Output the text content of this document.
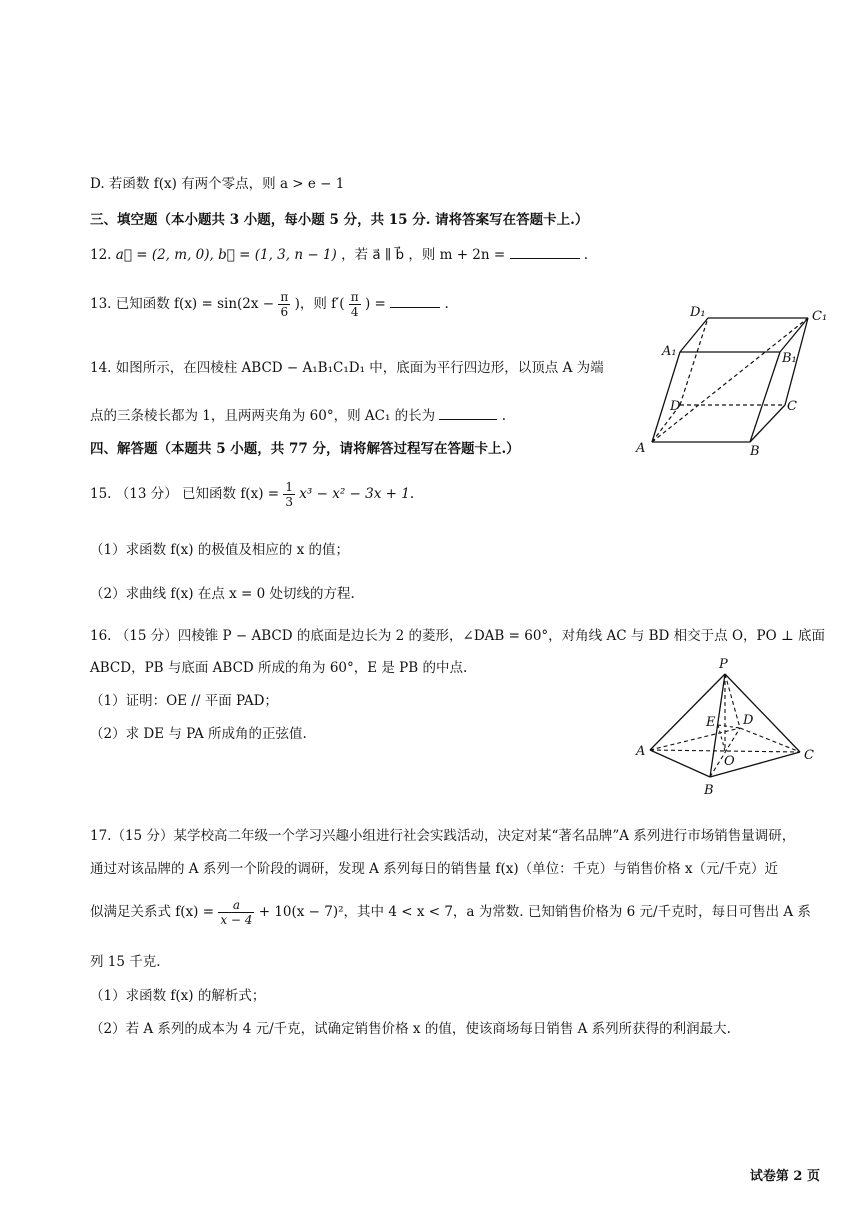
D. 若函数 f(x) 有两个零点，则 a > e − 1
三、填空题（本小题共 3 小题，每小题 5 分，共 15 分. 请将答案写在答题卡上.）
12. a⃗ = (2, m, 0), b⃗ = (1, 3, n − 1) ，若 a⃗ ∥ b⃗ ，则 m + 2n =	.
13. 已知函数 $f(x) = \sin(2x - \frac{\pi}{6}$ )，则 $f'( \frac{\pi}{4}$ ) =	.
14. 如图所示，在四棱柱 ABCD − A₁B₁C₁D₁ 中，底面为平行四边形，以顶点 A 为端
点的三条棱长都为 1，且两两夹角为 60°，则 AC₁ 的长为	.
D₁	C₁
A₁	B₁
D	C
A	B
四、解答题（本题共 5 小题，共 77 分，请将解答过程写在答题卡上.）
15. （13 分） 已知函数 $f(x) = \frac{1}{3} x^3 - x^2 - 3x + 1$.
（1）求函数 f(x) 的极值及相应的 x 的值；
（2）求曲线 f(x) 在点 x = 0 处切线的方程.
16. （15 分）四棱锥 P − ABCD 的底面是边长为 2 的菱形，∠DAB = 60°，对角线 AC 与 BD 相交于点 O，PO ⊥ 底面
ABCD，PB 与底面 ABCD 所成的角为 60°，E 是 PB 的中点.
（1）证明：OE // 平面 PAD；
（2）求 DE 与 PA 所成角的正弦值.
P
E D
A
O	C
B
17.（15 分）某学校高二年级一个学习兴趣小组进行社会实践活动，决定对某“著名品牌”A 系列进行市场销售量调研，
通过对该品牌的 A 系列一个阶段的调研，发现 A 系列每日的销售量 f(x)（单位：千克）与销售价格 x（元/千克）近
似满足关系式 $f(x) = \frac{a}{x - 4} + 10(x - 7)^2$，其中 4 < x < 7，a 为常数. 已知销售价格为 6 元/千克时，每日可售出 A 系
列 15 千克.
（1）求函数 f(x) 的解析式；
（2）若 A 系列的成本为 4 元/千克，试确定销售价格 x 的值，使该商场每日销售 A 系列所获得的利润最大.
试卷第 2 页
